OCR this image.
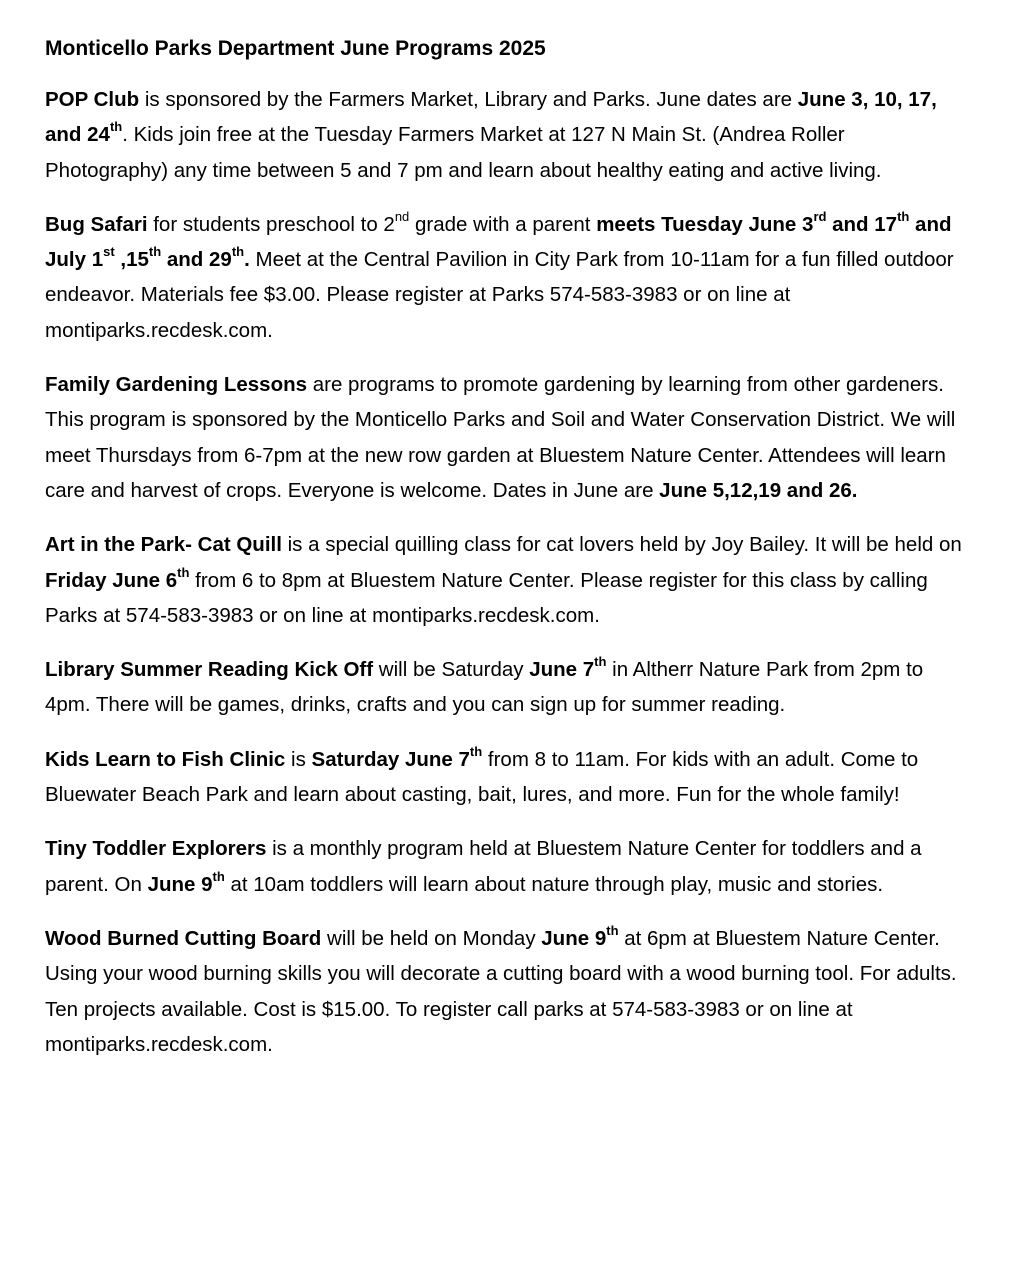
Monticello Parks Department June Programs 2025

POP Club is sponsored by the Farmers Market, Library and Parks. June dates are June 3, 10, 17, and 24th. Kids join free at the Tuesday Farmers Market at 127 N Main St. (Andrea Roller Photography) any time between 5 and 7 pm and learn about healthy eating and active living.

Bug Safari for students preschool to 2nd grade with a parent meets Tuesday June 3rd and 17th and July 1st ,15th and 29th. Meet at the Central Pavilion in City Park from 10-11am for a fun filled outdoor endeavor. Materials fee $3.00. Please register at Parks 574-583-3983 or on line at montiparks.recdesk.com.

Family Gardening Lessons are programs to promote gardening by learning from other gardeners. This program is sponsored by the Monticello Parks and Soil and Water Conservation District. We will meet Thursdays from 6-7pm at the new row garden at Bluestem Nature Center. Attendees will learn care and harvest of crops. Everyone is welcome. Dates in June are June 5,12,19 and 26.

Art in the Park- Cat Quill is a special quilling class for cat lovers held by Joy Bailey. It will be held on Friday June 6th from 6 to 8pm at Bluestem Nature Center. Please register for this class by calling Parks at 574-583-3983 or on line at montiparks.recdesk.com.

Library Summer Reading Kick Off will be Saturday June 7th in Altherr Nature Park from 2pm to 4pm. There will be games, drinks, crafts and you can sign up for summer reading.

Kids Learn to Fish Clinic is Saturday June 7th from 8 to 11am. For kids with an adult. Come to Bluewater Beach Park and learn about casting, bait, lures, and more. Fun for the whole family!

Tiny Toddler Explorers is a monthly program held at Bluestem Nature Center for toddlers and a parent. On June 9th at 10am toddlers will learn about nature through play, music and stories.

Wood Burned Cutting Board will be held on Monday June 9th at 6pm at Bluestem Nature Center. Using your wood burning skills you will decorate a cutting board with a wood burning tool. For adults. Ten projects available. Cost is $15.00. To register call parks at 574-583-3983 or on line at montiparks.recdesk.com.
